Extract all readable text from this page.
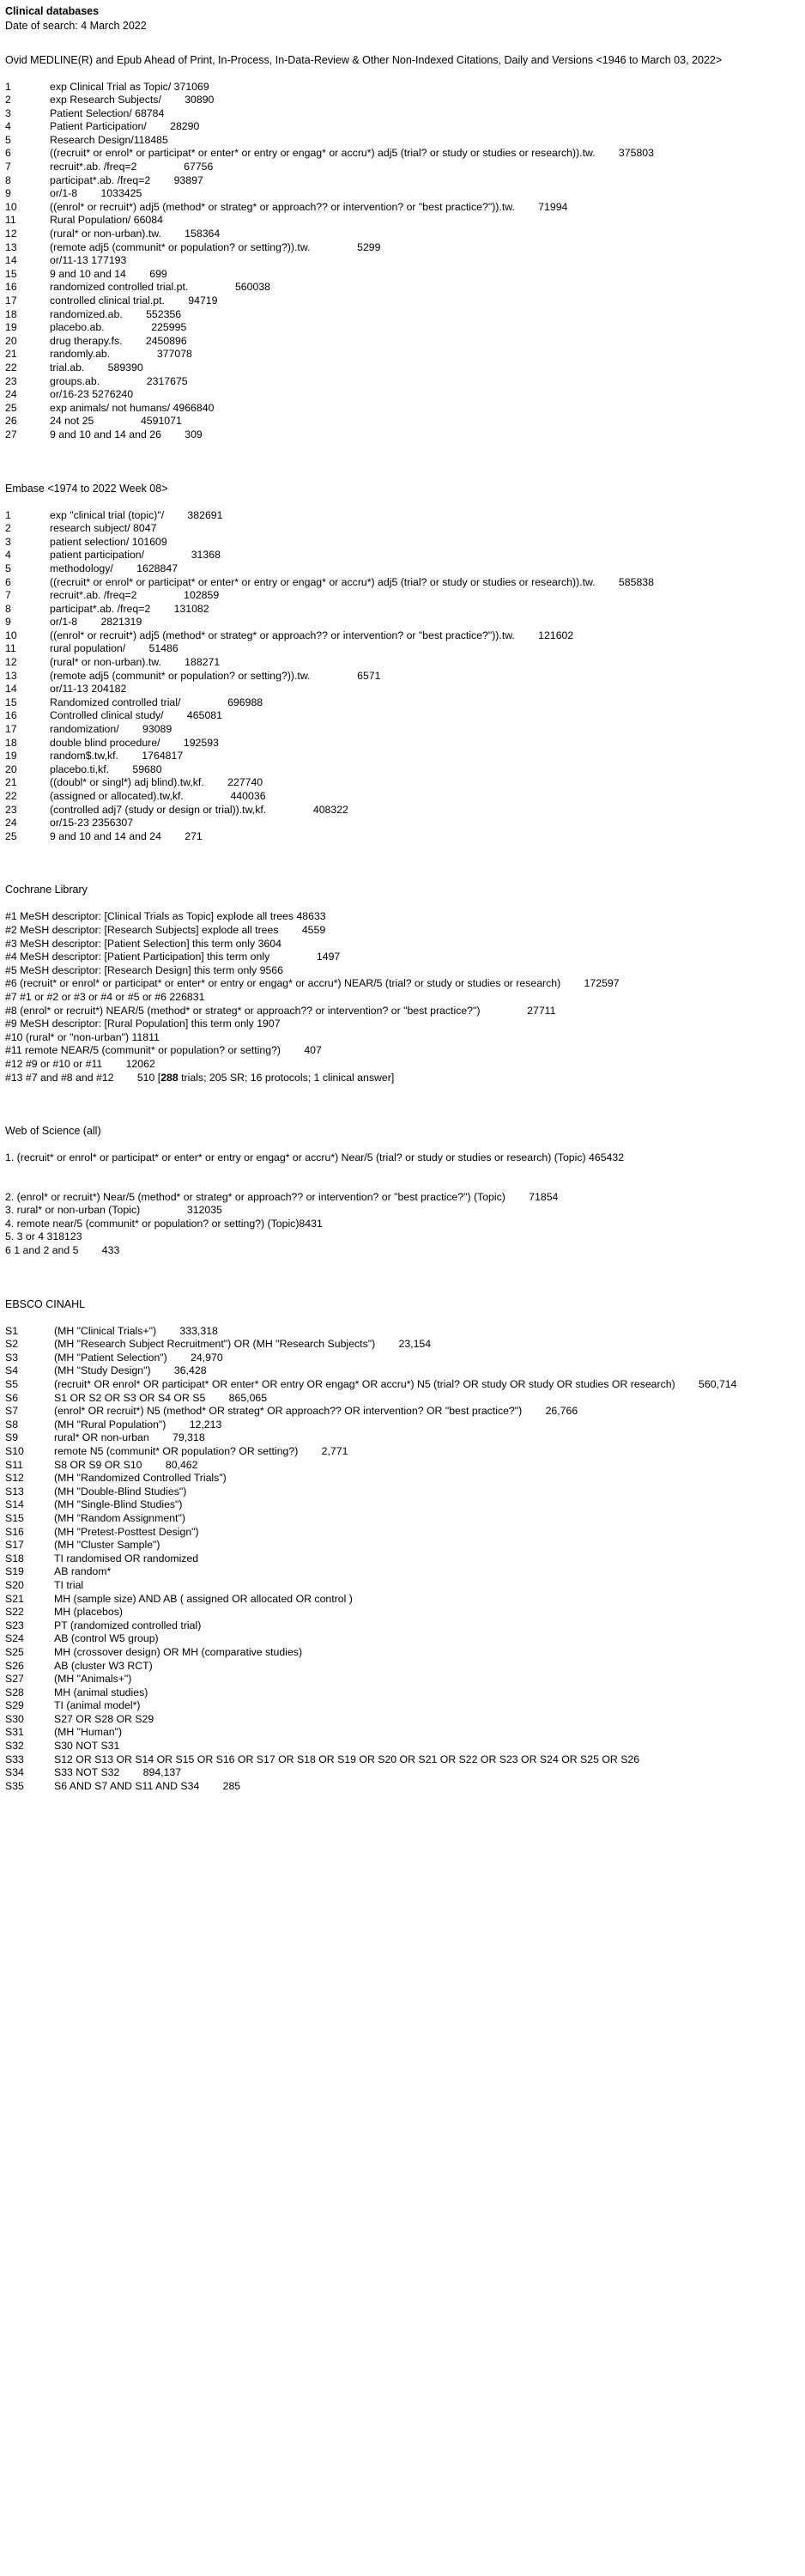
Clinical databases
Date of search: 4 March 2022
Ovid MEDLINE(R) and Epub Ahead of Print, In-Process, In-Data-Review & Other Non-Indexed Citations, Daily and Versions <1946 to March 03, 2022>
1	exp Clinical Trial as Topic/ 371069
2	exp Research Subjects/        30890
3	Patient Selection/ 68784
4	Patient Participation/        28290
5	Research Design/118485
6	((recruit* or enrol* or participat* or enter* or entry or engag* or accru*) adj5 (trial? or study or studies or research)).tw.        375803
7	recruit*.ab. /freq=2                67756
8	participat*.ab. /freq=2        93897
9	or/1-8        1033425
10	((enrol* or recruit*) adj5 (method* or strateg* or approach?? or intervention? or "best practice?")).tw.        71994
11	Rural Population/ 66084
12	(rural* or non-urban).tw.        158364
13	(remote adj5 (communit* or population? or setting?)).tw.                5299
14	or/11-13 177193
15	9 and 10 and 14        699
16	randomized controlled trial.pt.                560038
17	controlled clinical trial.pt.        94719
18	randomized.ab.        552356
19	placebo.ab.                225995
20	drug therapy.fs.        2450896
21	randomly.ab.                377078
22	trial.ab.        589390
23	groups.ab.                2317675
24	or/16-23 5276240
25	exp animals/ not humans/ 4966840
26	24 not 25                4591071
27	9 and 10 and 14 and 26        309
Embase <1974 to 2022 Week 08>
1	exp "clinical trial (topic)"/        382691
2	research subject/ 8047
3	patient selection/ 101609
4	patient participation/                31368
5	methodology/        1628847
6	((recruit* or enrol* or participat* or enter* or entry or engag* or accru*) adj5 (trial? or study or studies or research)).tw.        585838
7	recruit*.ab. /freq=2                102859
8	participat*.ab. /freq=2        131082
9	or/1-8        2821319
10	((enrol* or recruit*) adj5 (method* or strateg* or approach?? or intervention? or "best practice?")).tw.        121602
11	rural population/        51486
12	(rural* or non-urban).tw.        188271
13	(remote adj5 (communit* or population? or setting?)).tw.                6571
14	or/11-13 204182
15	Randomized controlled trial/                696988
16	Controlled clinical study/        465081
17	randomization/        93089
18	double blind procedure/        192593
19	random$.tw,kf.        1764817
20	placebo.ti,kf.        59680
21	((doubl* or singl*) adj blind).tw,kf.        227740
22	(assigned or allocated).tw,kf.                440036
23	(controlled adj7 (study or design or trial)).tw,kf.                408322
24	or/15-23 2356307
25	9 and 10 and 14 and 24        271
Cochrane Library
#1 MeSH descriptor: [Clinical Trials as Topic] explode all trees 48633
#2 MeSH descriptor: [Research Subjects] explode all trees        4559
#3 MeSH descriptor: [Patient Selection] this term only 3604
#4 MeSH descriptor: [Patient Participation] this term only                1497
#5 MeSH descriptor: [Research Design] this term only 9566
#6 (recruit* or enrol* or participat* or enter* or entry or engag* or accru*) NEAR/5 (trial? or study or studies or research)        172597
#7 #1 or #2 or #3 or #4 or #5 or #6 226831
#8 (enrol* or recruit*) NEAR/5 (method* or strateg* or approach?? or intervention? or "best practice?")                27711
#9 MeSH descriptor: [Rural Population] this term only 1907
#10 (rural* or "non-urban") 11811
#11 remote NEAR/5 (communit* or population? or setting?)        407
#12 #9 or #10 or #11        12062
#13 #7 and #8 and #12        510 [288 trials; 205 SR; 16 protocols; 1 clinical answer]
Web of Science (all)
1. (recruit* or enrol* or participat* or enter* or entry or engag* or accru*) Near/5 (trial? or study or studies or research) (Topic) 465432
2. (enrol* or recruit*) Near/5 (method* or strateg* or approach?? or intervention? or "best practice?") (Topic)        71854
3. rural* or non-urban (Topic)                312035
4. remote near/5 (communit* or population? or setting?) (Topic)8431
5. 3 or 4 318123
6 1 and 2 and 5        433
EBSCO CINAHL
S1	(MH "Clinical Trials+")        333,318
S2	(MH "Research Subject Recruitment") OR (MH "Research Subjects")        23,154
S3	(MH "Patient Selection")        24,970
S4	(MH "Study Design")        36,428
S5	(recruit* OR enrol* OR participat* OR enter* OR entry OR engag* OR accru*) N5 (trial? OR study OR study OR studies OR research)        560,714
S6	S1 OR S2 OR S3 OR S4 OR S5        865,065
S7	(enrol* OR recruit*) N5 (method* OR strateg* OR approach?? OR intervention? OR "best practice?")        26,766
S8	(MH "Rural Population")        12,213
S9	rural* OR non-urban        79,318
S10	remote N5 (communit* OR population? OR setting?)        2,771
S11	S8 OR S9 OR S10        80,462
S12	(MH "Randomized Controlled Trials")
S13	(MH "Double-Blind Studies")
S14	(MH "Single-Blind Studies")
S15	(MH "Random Assignment")
S16	(MH "Pretest-Posttest Design")
S17	(MH "Cluster Sample")
S18	TI randomised OR randomized
S19	AB random*
S20	TI trial
S21	MH (sample size) AND AB ( assigned OR allocated OR control )
S22	MH (placebos)
S23	PT (randomized controlled trial)
S24	AB (control W5 group)
S25	MH (crossover design) OR MH (comparative studies)
S26	AB (cluster W3 RCT)
S27	(MH "Animals+")
S28	MH (animal studies)
S29	TI (animal model*)
S30	S27 OR S28 OR S29
S31	(MH "Human")
S32	S30 NOT S31
S33	S12 OR S13 OR S14 OR S15 OR S16 OR S17 OR S18 OR S19 OR S20 OR S21 OR S22 OR S23 OR S24 OR S25 OR S26
S34	S33 NOT S32        894,137
S35	S6 AND S7 AND S11 AND S34        285
